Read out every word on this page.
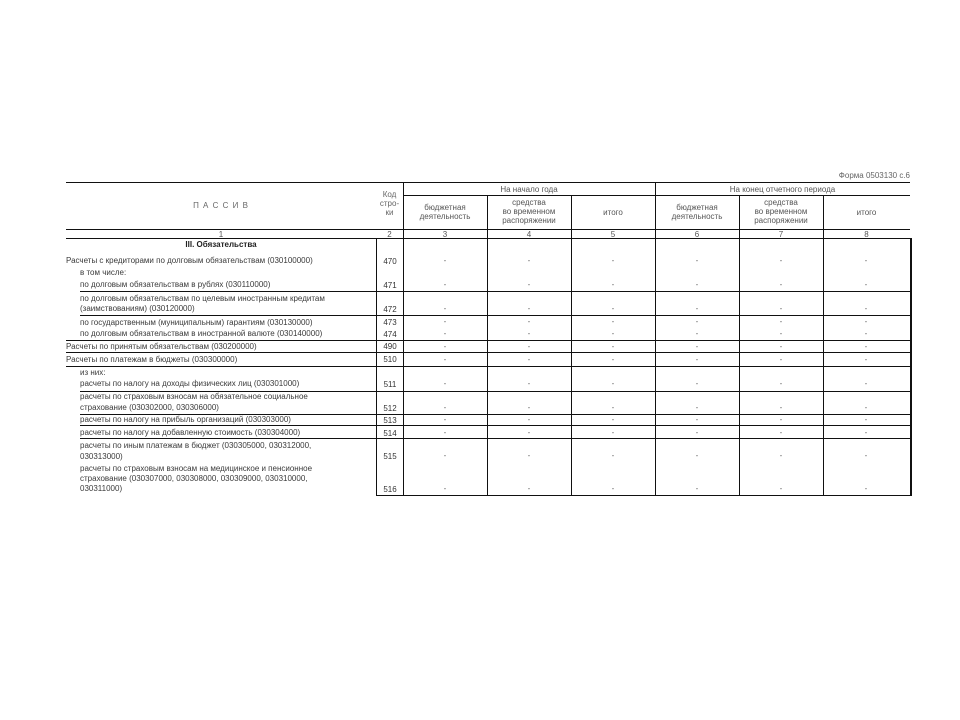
Форма 0503130 с.6
П А С С И В
Код
стро-
ки
На начало года	На конец отчетного периода
бюджетная
деятельность
средства
во временном
распоряжении
итого
бюджетная
деятельность
средства
во временном
распоряжении
итого
1	2	3	4	5	6	7	8
III. Обязательства
Расчеты с кредиторами по долговым обязательствам (030100000)	470	-	-	-	-	-	-
в том числе:
по долговым обязательствам в рублях (030110000)	471	-	-	-	-	-	-
по долговым обязательствам по целевым иностранным кредитам
(заимствованиям) (030120000)	472	-	-	-	-	-	-
по государственным (муниципальным) гарантиям (030130000)	473	-	-	-	-	-	-
по долговым обязательствам в иностранной валюте (030140000)	474	-	-	-	-	-	-
Расчеты по принятым обязательствам (030200000)	490	-	-	-	-	-	-
Расчеты по платежам в бюджеты (030300000)	510	-	-	-	-	-	-
из них:
расчеты по налогу на доходы физических лиц (030301000)	511	-	-	-	-	-	-
расчеты по страховым взносам на обязательное социальное
страхование (030302000, 030306000)	512	-	-	-	-	-	-
расчеты по налогу на прибыль организаций (030303000)	513	-	-	-	-	-	-
расчеты по налогу на добавленную стоимость (030304000)	514	-	-	-	-	-	-
расчеты по иным платежам в бюджет (030305000, 030312000,
030313000)	515	-	-	-	-	-	-
расчеты по страховым взносам на медицинское и пенсионное
страхование (030307000, 030308000, 030309000, 030310000,
030311000)	516	-	-	-	-	-	-
